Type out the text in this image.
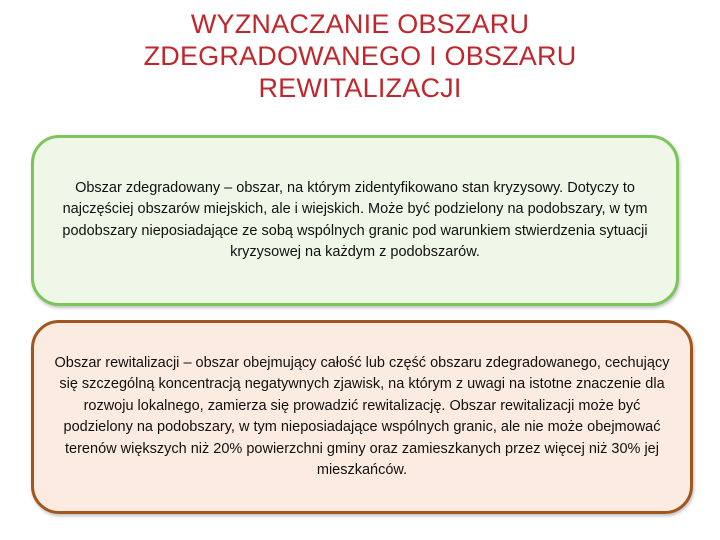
WYZNACZANIE OBSZARU
ZDEGRADOWANEGO I OBSZARU
REWITALIZACJI

Obszar zdegradowany – obszar, na którym zidentyfikowano stan kryzysowy. Dotyczy to najczęściej obszarów miejskich, ale i wiejskich. Może być podzielony na podobszary, w tym podobszary nieposiadające ze sobą wspólnych granic pod warunkiem stwierdzenia sytuacji kryzysowej na każdym z podobszarów.

Obszar rewitalizacji – obszar obejmujący całość lub część obszaru zdegradowanego, cechujący się szczególną koncentracją negatywnych zjawisk, na którym z uwagi na istotne znaczenie dla rozwoju lokalnego, zamierza się prowadzić rewitalizację. Obszar rewitalizacji może być podzielony na podobszary, w tym nieposiadające wspólnych granic, ale nie może obejmować terenów większych niż 20% powierzchni gminy oraz zamieszkanych przez więcej niż 30% jej mieszkańców.
